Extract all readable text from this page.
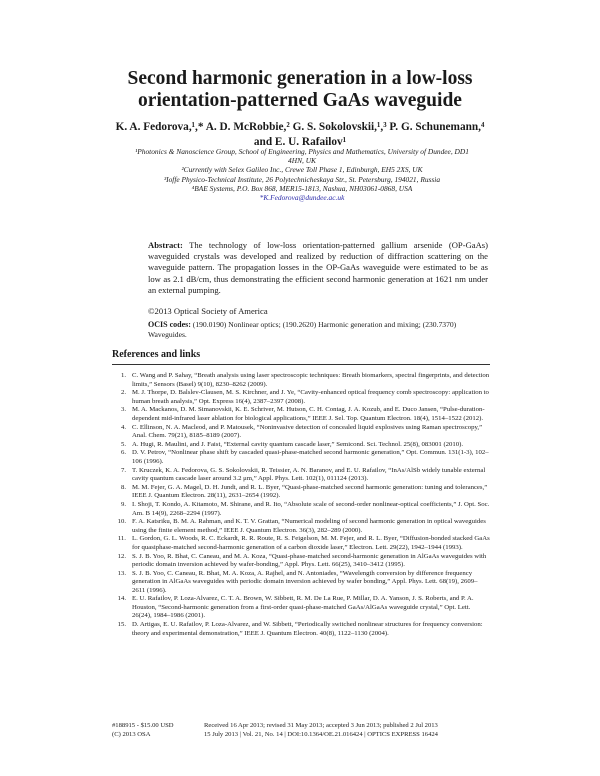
Second harmonic generation in a low-loss
orientation-patterned GaAs waveguide
K. A. Fedorova,¹,* A. D. McRobbie,² G. S. Sokolovskii,¹,³ P. G. Schunemann,⁴
and E. U. Rafailov¹
¹Photonics & Nanoscience Group, School of Engineering, Physics and Mathematics, University of Dundee, DD1
4HN, UK
²Currently with Selex Galileo Inc., Crewe Toll Phase 1, Edinburgh, EH5 2XS, UK
³Ioffe Physico-Technical Institute, 26 Polytechnicheskaya Str., St. Petersburg, 194021, Russia
⁴BAE Systems, P.O. Box 868, MER15-1813, Nashua, NH03061-0868, USA
*K.Fedorova@dundee.ac.uk
Abstract: The technology of low-loss orientation-patterned gallium arsenide (OP-GaAs) waveguided crystals was developed and realized by reduction of diffraction scattering on the waveguide pattern. The propagation losses in the OP-GaAs waveguide were estimated to be as low as 2.1 dB/cm, thus demonstrating the efficient second harmonic generation at 1621 nm under an external pumping.
©2013 Optical Society of America
OCIS codes: (190.0190) Nonlinear optics; (190.2620) Harmonic generation and mixing; (230.7370) Waveguides.
References and links
1. C. Wang and P. Sahay, “Breath analysis using laser spectroscopic techniques: Breath biomarkers, spectral fingerprints, and detection limits,” Sensors (Basel) 9(10), 8230–8262 (2009).
2. M. J. Thorpe, D. Balslev-Clausen, M. S. Kirchner, and J. Ye, “Cavity-enhanced optical frequency comb spectroscopy: application to human breath analysis,” Opt. Express 16(4), 2387–2397 (2008).
3. M. A. Mackanos, D. M. Simanovskii, K. E. Schriver, M. Hutson, C. H. Contag, J. A. Kozub, and E. Duco Jansen, “Pulse-duration-dependent mid-infrared laser ablation for biological applications,” IEEE J. Sel. Top. Quantum Electron. 18(4), 1514–1522 (2012).
4. C. Ellinson, N. A. Macleod, and P. Matousek, “Noninvasive detection of concealed liquid explosives using Raman spectroscopy,” Anal. Chem. 79(21), 8185–8189 (2007).
5. A. Hugi, R. Maulini, and J. Faist, “External cavity quantum cascade laser,” Semicond. Sci. Technol. 25(8), 083001 (2010).
6. D. V. Petrov, “Nonlinear phase shift by cascaded quasi-phase-matched second harmonic generation,” Opt. Commun. 131(1-3), 102–106 (1996).
7. T. Kruczek, K. A. Fedorova, G. S. Sokolovskii, R. Teissier, A. N. Baranov, and E. U. Rafailov, “InAs/AlSb widely tunable external cavity quantum cascade laser around 3.2 μm,” Appl. Phys. Lett. 102(1), 011124 (2013).
8. M. M. Fejer, G. A. Magel, D. H. Jundt, and R. L. Byer, “Quasi-phase-matched second harmonic generation: tuning and tolerances,” IEEE J. Quantum Electron. 28(11), 2631–2654 (1992).
9. I. Shoji, T. Kondo, A. Kitamoto, M. Shirane, and R. Ito, “Absolute scale of second-order nonlinear-optical coefficients,” J. Opt. Soc. Am. B 14(9), 2268–2294 (1997).
10. F. A. Katsriku, B. M. A. Rahman, and K. T. V. Grattan, “Numerical modeling of second harmonic generation in optical waveguides using the finite element method,” IEEE J. Quantum Electron. 36(3), 282–289 (2000).
11. L. Gordon, G. L. Woods, R. C. Eckardt, R. R. Route, R. S. Feigelson, M. M. Fejer, and R. L. Byer, “Diffusion-bonded stacked GaAs for quasiphase-matched second-harmonic generation of a carbon dioxide laser,” Electron. Lett. 29(22), 1942–1944 (1993).
12. S. J. B. Yoo, R. Bhat, C. Caneau, and M. A. Koza, “Quasi-phase-matched second-harmonic generation in AlGaAs waveguides with periodic domain inversion achieved by wafer-bonding,” Appl. Phys. Lett. 66(25), 3410–3412 (1995).
13. S. J. B. Yoo, C. Caneau, R. Bhat, M. A. Koza, A. Rajhel, and N. Antoniades, “Wavelength conversion by difference frequency generation in AlGaAs waveguides with periodic domain inversion achieved by wafer bonding,” Appl. Phys. Lett. 68(19), 2609–2611 (1996).
14. E. U. Rafailov, P. Loza-Alvarez, C. T. A. Brown, W. Sibbett, R. M. De La Rue, P. Millar, D. A. Yanson, J. S. Roberts, and P. A. Houston, “Second-harmonic generation from a first-order quasi-phase-matched GaAs/AlGaAs waveguide crystal,” Opt. Lett. 26(24), 1984–1986 (2001).
15. D. Artigas, E. U. Rafailov, P. Loza-Alvarez, and W. Sibbett, “Periodically switched nonlinear structures for frequency conversion: theory and experimental demonstration,” IEEE J. Quantum Electron. 40(8), 1122–1130 (2004).
#188915 - $15.00 USD
(C) 2013 OSA
Received 16 Apr 2013; revised 31 May 2013; accepted 3 Jun 2013; published 2 Jul 2013
15 July 2013 | Vol. 21, No. 14 | DOI:10.1364/OE.21.016424 | OPTICS EXPRESS 16424
